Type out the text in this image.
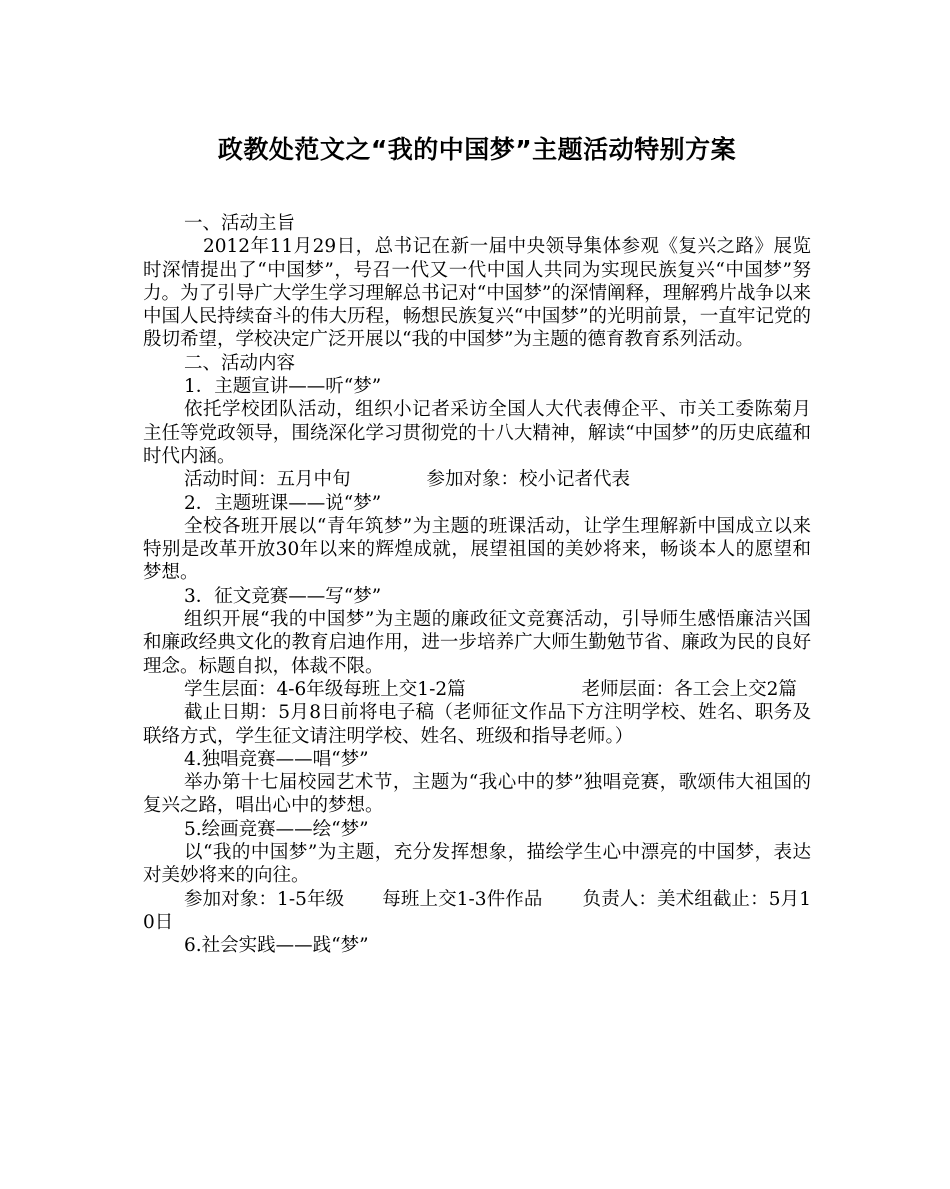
政教处范文之“我的中国梦”主题活动特别方案

一、活动主旨

2012年11月29日，总书记在新一届中央领导集体参观《复兴之路》展览时深情提出了“中国梦”，号召一代又一代中国人共同为实现民族复兴“中国梦”努力。为了引导广大学生学习理解总书记对“中国梦”的深情阐释，理解鸦片战争以来中国人民持续奋斗的伟大历程，畅想民族复兴“中国梦”的光明前景，一直牢记党的殷切希望，学校决定广泛开展以“我的中国梦”为主题的德育教育系列活动。

二、活动内容

1．主题宣讲——听“梦”

依托学校团队活动，组织小记者采访全国人大代表傅企平、市关工委陈菊月主任等党政领导，围绕深化学习贯彻党的十八大精神，解读“中国梦”的历史底蕴和时代内涵。

活动时间：五月中旬	参加对象：校小记者代表

2．主题班课——说“梦”

全校各班开展以“青年筑梦”为主题的班课活动，让学生理解新中国成立以来特别是改革开放30年以来的辉煌成就，展望祖国的美妙将来，畅谈本人的愿望和梦想。

3．征文竞赛——写“梦”

组织开展“我的中国梦”为主题的廉政征文竞赛活动，引导师生感悟廉洁兴国和廉政经典文化的教育启迪作用，进一步培养广大师生勤勉节省、廉政为民的良好理念。标题自拟，体裁不限。

学生层面：4-6年级每班上交1-2篇	老师层面：各工会上交2篇

截止日期：5月8日前将电子稿（老师征文作品下方注明学校、姓名、职务及联络方式，学生征文请注明学校、姓名、班级和指导老师。）

4.独唱竞赛——唱“梦”

举办第十七届校园艺术节，主题为“我心中的梦”独唱竞赛，歌颂伟大祖国的复兴之路，唱出心中的梦想。

5.绘画竞赛——绘“梦”

以“我的中国梦”为主题，充分发挥想象，描绘学生心中漂亮的中国梦，表达对美妙将来的向往。

参加对象：1-5年级 每班上交1-3件作品 负责人：美术组截止：5月10日

6.社会实践——践“梦”
